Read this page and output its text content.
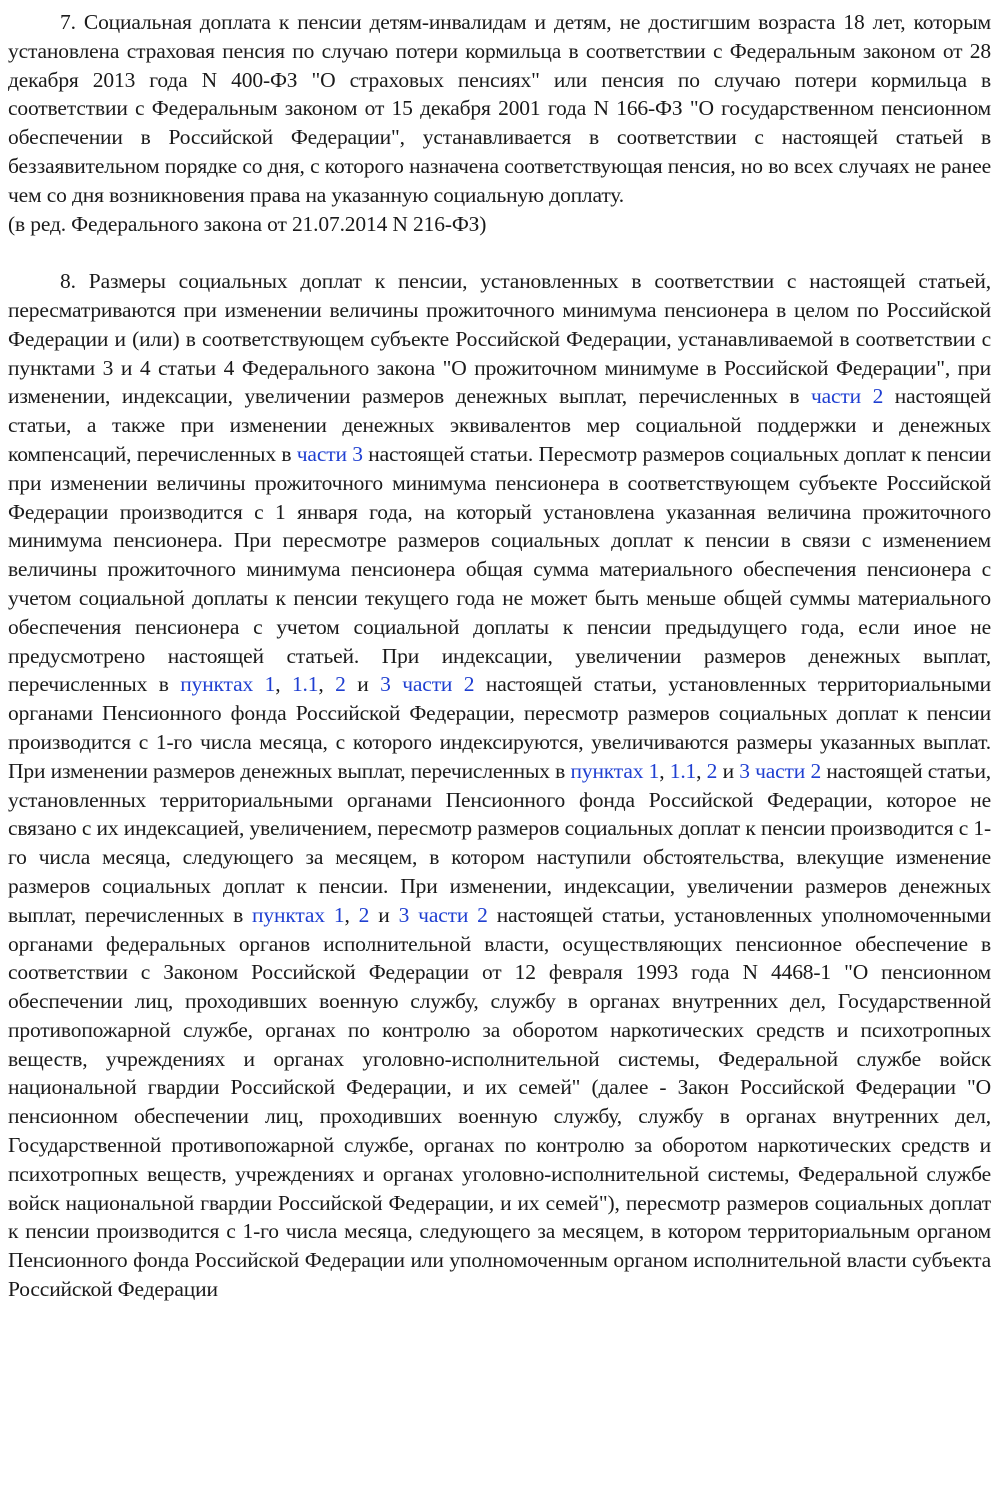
7. Социальная доплата к пенсии детям-инвалидам и детям, не достигшим возраста 18 лет, которым установлена страховая пенсия по случаю потери кормильца в соответствии с Федеральным законом от 28 декабря 2013 года N 400-ФЗ "О страховых пенсиях" или пенсия по случаю потери кормильца в соответствии с Федеральным законом от 15 декабря 2001 года N 166-ФЗ "О государственном пенсионном обеспечении в Российской Федерации", устанавливается в соответствии с настоящей статьей в беззаявительном порядке со дня, с которого назначена соответствующая пенсия, но во всех случаях не ранее чем со дня возникновения права на указанную социальную доплату.

(в ред. Федерального закона от 21.07.2014 N 216-ФЗ)

8. Размеры социальных доплат к пенсии, установленных в соответствии с настоящей статьей, пересматриваются при изменении величины прожиточного минимума пенсионера в целом по Российской Федерации и (или) в соответствующем субъекте Российской Федерации, устанавливаемой в соответствии с пунктами 3 и 4 статьи 4 Федерального закона "О прожиточном минимуме в Российской Федерации", при изменении, индексации, увеличении размеров денежных выплат, перечисленных в части 2 настоящей статьи, а также при изменении денежных эквивалентов мер социальной поддержки и денежных компенсаций, перечисленных в части 3 настоящей статьи. Пересмотр размеров социальных доплат к пенсии при изменении величины прожиточного минимума пенсионера в соответствующем субъекте Российской Федерации производится с 1 января года, на который установлена указанная величина прожиточного минимума пенсионера. При пересмотре размеров социальных доплат к пенсии в связи с изменением величины прожиточного минимума пенсионера общая сумма материального обеспечения пенсионера с учетом социальной доплаты к пенсии текущего года не может быть меньше общей суммы материального обеспечения пенсионера с учетом социальной доплаты к пенсии предыдущего года, если иное не предусмотрено настоящей статьей. При индексации, увеличении размеров денежных выплат, перечисленных в пунктах 1, 1.1, 2 и 3 части 2 настоящей статьи, установленных территориальными органами Пенсионного фонда Российской Федерации, пересмотр размеров социальных доплат к пенсии производится с 1-го числа месяца, с которого индексируются, увеличиваются размеры указанных выплат. При изменении размеров денежных выплат, перечисленных в пунктах 1, 1.1, 2 и 3 части 2 настоящей статьи, установленных территориальными органами Пенсионного фонда Российской Федерации, которое не связано с их индексацией, увеличением, пересмотр размеров социальных доплат к пенсии производится с 1-го числа месяца, следующего за месяцем, в котором наступили обстоятельства, влекущие изменение размеров социальных доплат к пенсии. При изменении, индексации, увеличении размеров денежных выплат, перечисленных в пунктах 1, 2 и 3 части 2 настоящей статьи, установленных уполномоченными органами федеральных органов исполнительной власти, осуществляющих пенсионное обеспечение в соответствии с Законом Российской Федерации от 12 февраля 1993 года N 4468-1 "О пенсионном обеспечении лиц, проходивших военную службу, службу в органах внутренних дел, Государственной противопожарной службе, органах по контролю за оборотом наркотических средств и психотропных веществ, учреждениях и органах уголовно-исполнительной системы, Федеральной службе войск национальной гвардии Российской Федерации, и их семей" (далее - Закон Российской Федерации "О пенсионном обеспечении лиц, проходивших военную службу, службу в органах внутренних дел, Государственной противопожарной службе, органах по контролю за оборотом наркотических средств и психотропных веществ, учреждениях и органах уголовно-исполнительной системы, Федеральной службе войск национальной гвардии Российской Федерации, и их семей"), пересмотр размеров социальных доплат к пенсии производится с 1-го числа месяца, следующего за месяцем, в котором территориальным органом Пенсионного фонда Российской Федерации или уполномоченным органом исполнительной власти субъекта Российской Федерации
